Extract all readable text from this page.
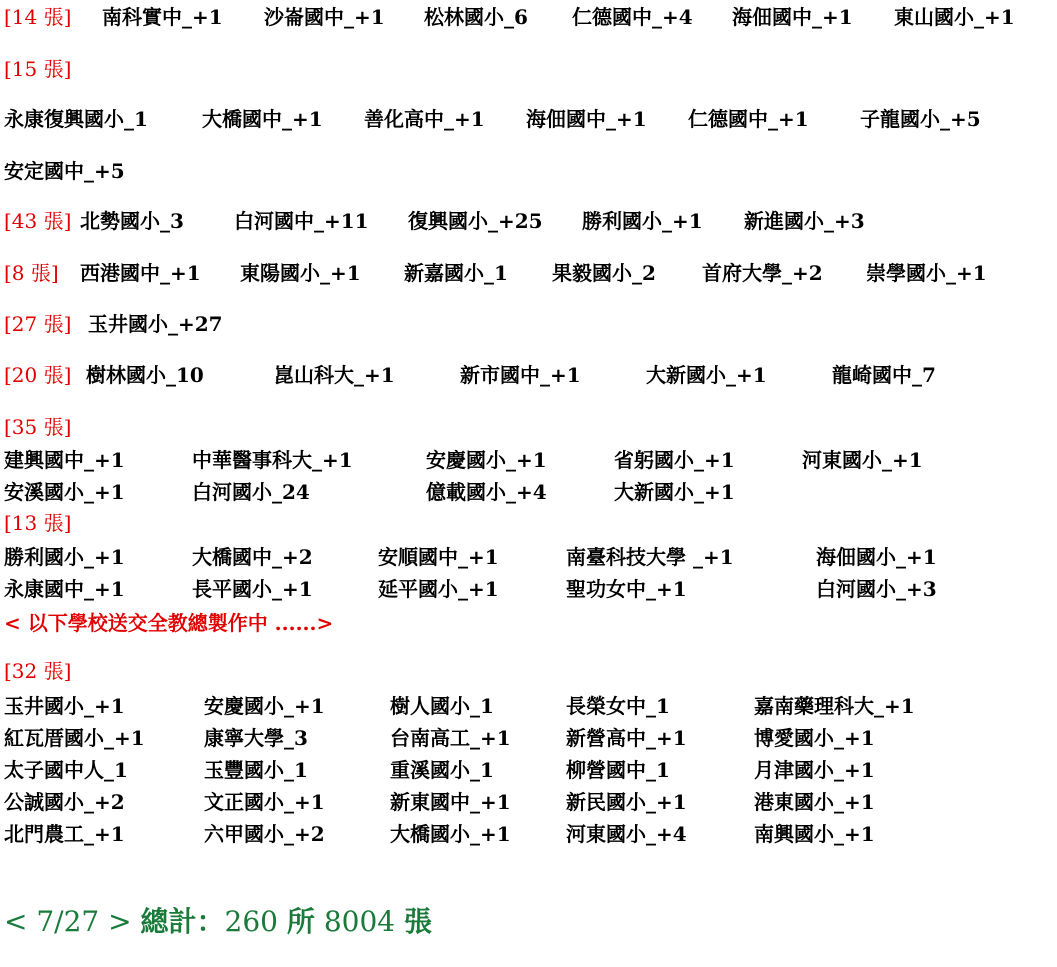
[14 張] 南科實中_+1 沙崙國中_+1 松林國小_6 仁德國中_+4 海佃國中_+1 東山國小_+1
[15 張]
永康復興國小_1	大橋國中_+1 善化高中_+1 海佃國中_+1 仁德國中_+1	子龍國小_+5
安定國中_+5
[43 張] 北勢國小_3	白河國中_+11 復興國小_+25 勝利國小_+1 新進國小_+3
[8 張] 西港國中_+1 東陽國小_+1 新嘉國小_1 果毅國小_2 首府大學_+2 崇學國小_+1
[27 張] 玉井國小_+27
[20 張] 樹林國小_10	崑山科大_+1	新市國中_+1	大新國小_+1	龍崎國中_7
[35 張]
建興國中_+1	中華醫事科大_+1	安慶國小_+1	省躬國小_+1	河東國小_+1
安溪國小_+1	白河國小_24	億載國小_+4	大新國小_+1
[13 張]
勝利國小_+1	大橋國中_+2	安順國中_+1	南臺科技大學 _+1	海佃國小_+1
永康國中_+1	長平國小_+1	延平國小_+1	聖功女中_+1	白河國小_+3
< 以下學校送交全教總製作中 ......>
[32 張]
玉井國小_+1	安慶國小_+1	樹人國小_1	長榮女中_1	嘉南藥理科大_+1
紅瓦厝國小_+1	康寧大學_3	台南高工_+1	新營高中_+1	博愛國小_+1
太子國中人_1	玉豐國小_1	重溪國小_1	柳營國中_1	月津國小_+1
公誠國小_+2	文正國小_+1	新東國中_+1	新民國小_+1	港東國小_+1
北門農工_+1	六甲國小_+2	大橋國小_+1	河東國小_+4	南興國小_+1
< 7/27 > 總計：260 所 8004 張
